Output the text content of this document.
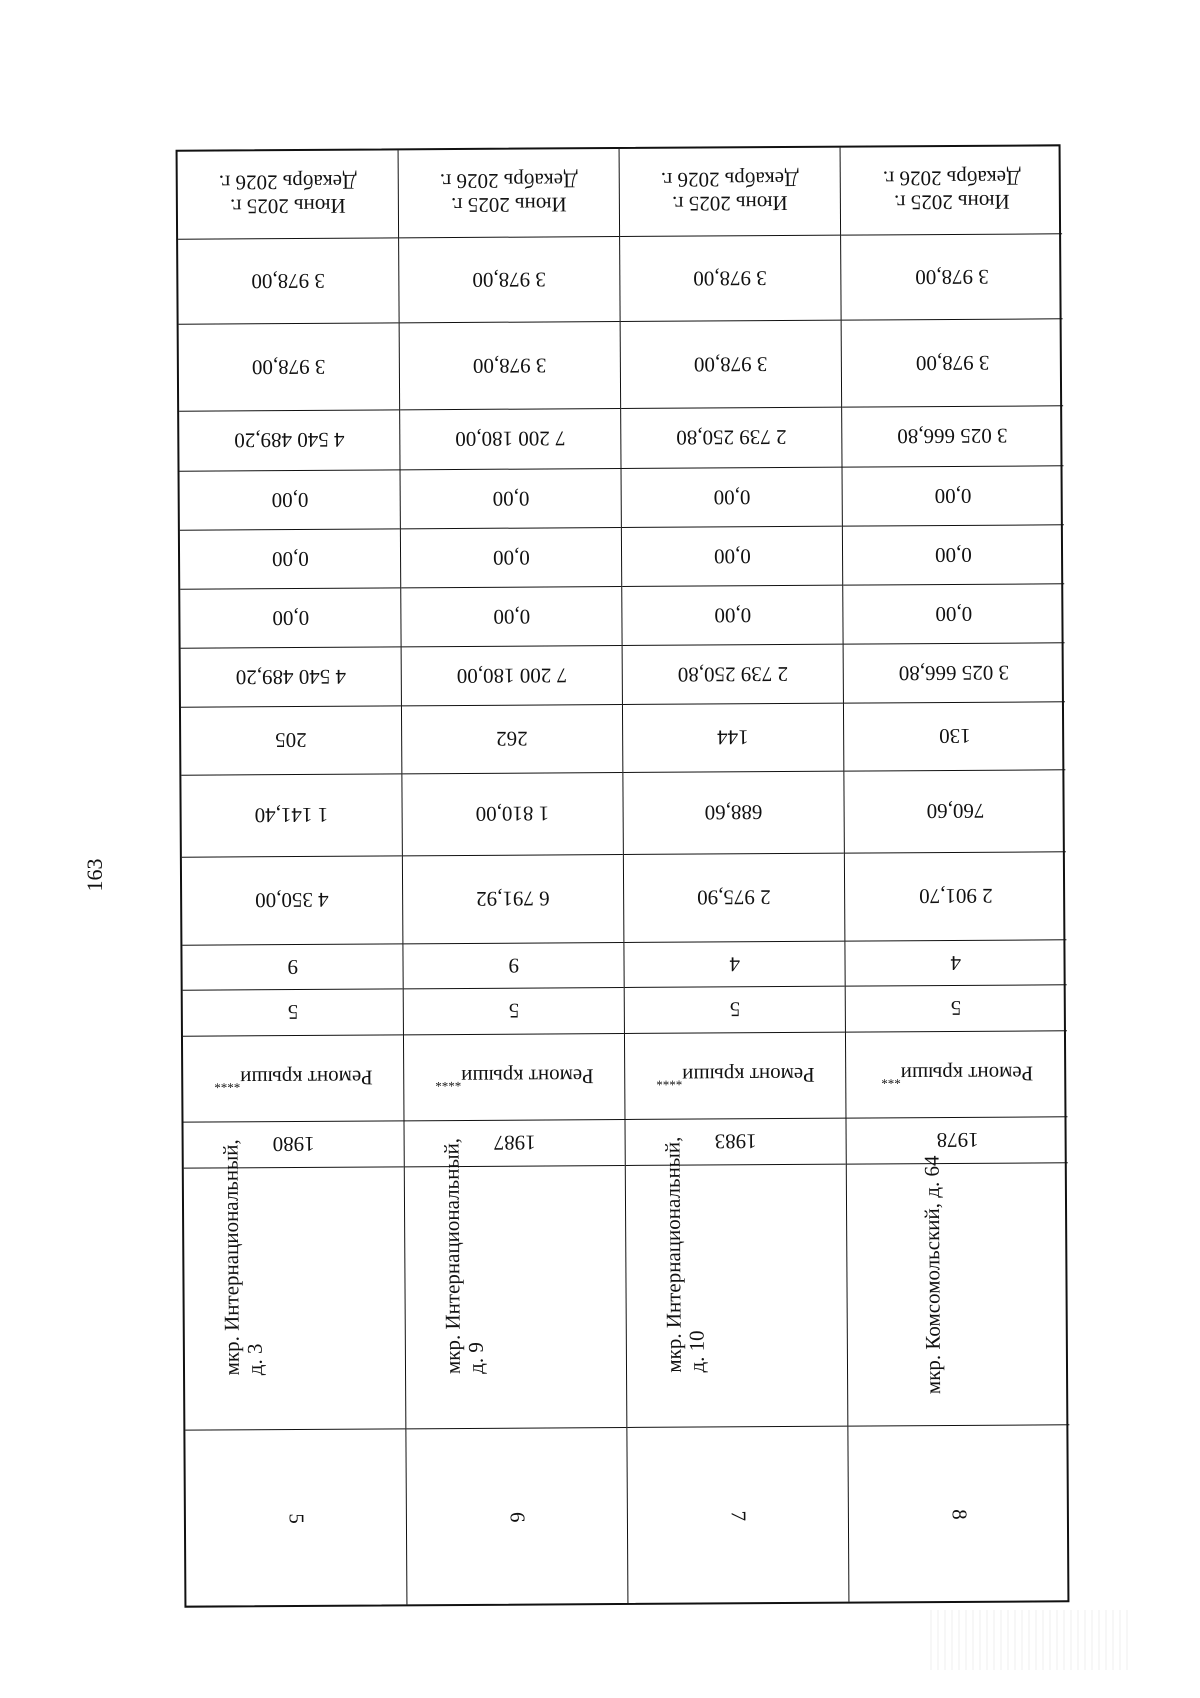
163
Июнь 2025 г.
Декабрь 2026 г.
3 978,00
3 978,00
4 540 489,20
0,00
0,00
0,00
4 540 489,20
205
1 141,40
4 350,00
9
5
Ремонт крыши****
1980
мкр. Интернациональный,
д. 3
5
Июнь 2025 г.
Декабрь 2026 г.
3 978,00
3 978,00
7 200 180,00
0,00
0,00
0,00
7 200 180,00
262
1 810,00
6 791,92
9
5
Ремонт крыши****
1987
мкр. Интернациональный,
д. 9
6
Июнь 2025 г.
Декабрь 2026 г.
3 978,00
3 978,00
2 739 250,80
0,00
0,00
0,00
2 739 250,80
144
688,60
2 975,90
4
5
Ремонт крыши****
1983
мкр. Интернациональный,
д. 10
7
Июнь 2025 г.
Декабрь 2026 г.
3 978,00
3 978,00
3 025 666,80
0,00
0,00
0,00
3 025 666,80
130
760,60
2 901,70
4
5
Ремонт крыши***
1978
мкр. Комсомольский, д. 64
8
